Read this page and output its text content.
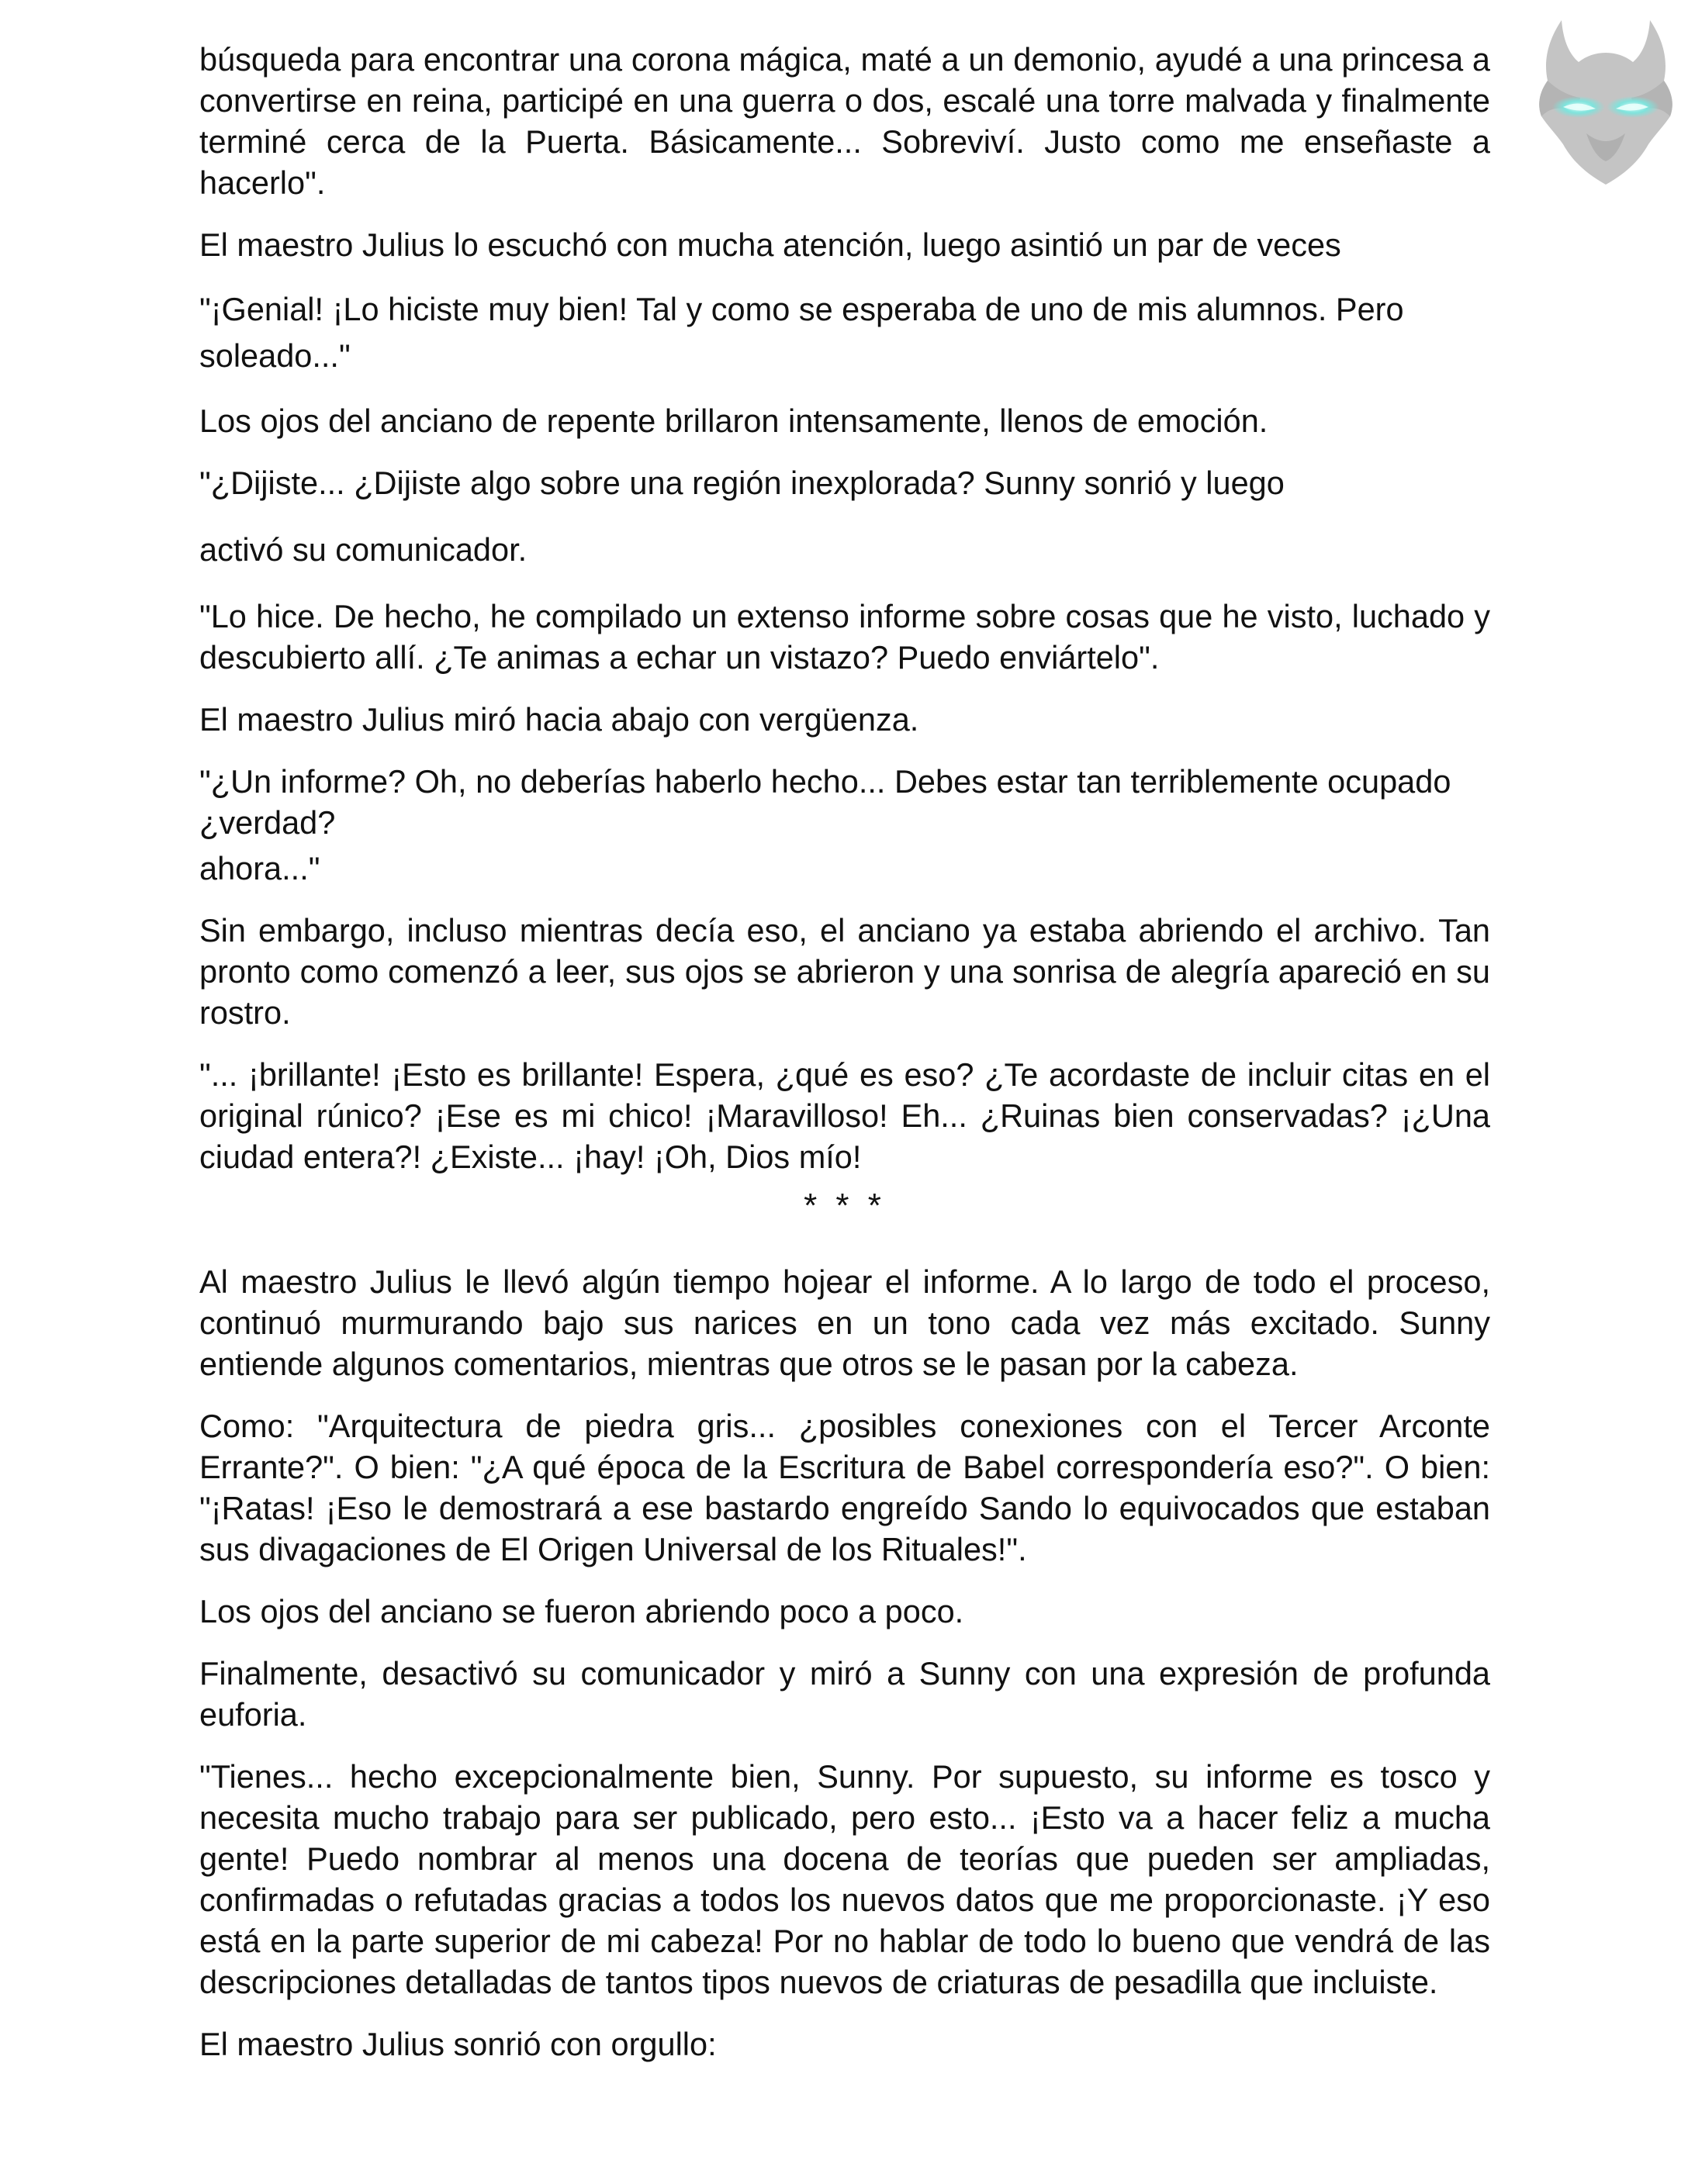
búsqueda para encontrar una corona mágica, maté a un demonio, ayudé a una princesa a convertirse en reina, participé en una guerra o dos, escalé una torre malvada y finalmente terminé cerca de la Puerta. Básicamente... Sobreviví. Justo como me enseñaste a hacerlo".

El maestro Julius lo escuchó con mucha atención, luego asintió un par de veces

"¡Genial! ¡Lo hiciste muy bien! Tal y como se esperaba de uno de mis alumnos. Pero soleado..."

Los ojos del anciano de repente brillaron intensamente, llenos de emoción.

"¿Dijiste... ¿Dijiste algo sobre una región inexplorada? Sunny sonrió y luego

activó su comunicador.

"Lo hice. De hecho, he compilado un extenso informe sobre cosas que he visto, luchado y descubierto allí. ¿Te animas a echar un vistazo? Puedo enviártelo".

El maestro Julius miró hacia abajo con vergüenza.

"¿Un informe? Oh, no deberías haberlo hecho... Debes estar tan terriblemente ocupado ¿verdad?
ahora..."

Sin embargo, incluso mientras decía eso, el anciano ya estaba abriendo el archivo. Tan pronto como comenzó a leer, sus ojos se abrieron y una sonrisa de alegría apareció en su rostro.

"... ¡brillante! ¡Esto es brillante! Espera, ¿qué es eso? ¿Te acordaste de incluir citas en el original rúnico? ¡Ese es mi chico! ¡Maravilloso! Eh... ¿Ruinas bien conservadas? ¡¿Una ciudad entera?! ¿Existe... ¡hay! ¡Oh, Dios mío!

* * *

Al maestro Julius le llevó algún tiempo hojear el informe. A lo largo de todo el proceso, continuó murmurando bajo sus narices en un tono cada vez más excitado. Sunny entiende algunos comentarios, mientras que otros se le pasan por la cabeza.

Como: "Arquitectura de piedra gris... ¿posibles conexiones con el Tercer Arconte Errante?". O bien: "¿A qué época de la Escritura de Babel correspondería eso?". O bien: "¡Ratas! ¡Eso le demostrará a ese bastardo engreído Sando lo equivocados que estaban sus divagaciones de El Origen Universal de los Rituales!".

Los ojos del anciano se fueron abriendo poco a poco.

Finalmente, desactivó su comunicador y miró a Sunny con una expresión de profunda euforia.

"Tienes... hecho excepcionalmente bien, Sunny. Por supuesto, su informe es tosco y necesita mucho trabajo para ser publicado, pero esto... ¡Esto va a hacer feliz a mucha gente! Puedo nombrar al menos una docena de teorías que pueden ser ampliadas, confirmadas o refutadas gracias a todos los nuevos datos que me proporcionaste. ¡Y eso está en la parte superior de mi cabeza! Por no hablar de todo lo bueno que vendrá de las descripciones detalladas de tantos tipos nuevos de criaturas de pesadilla que incluiste.

El maestro Julius sonrió con orgullo:
